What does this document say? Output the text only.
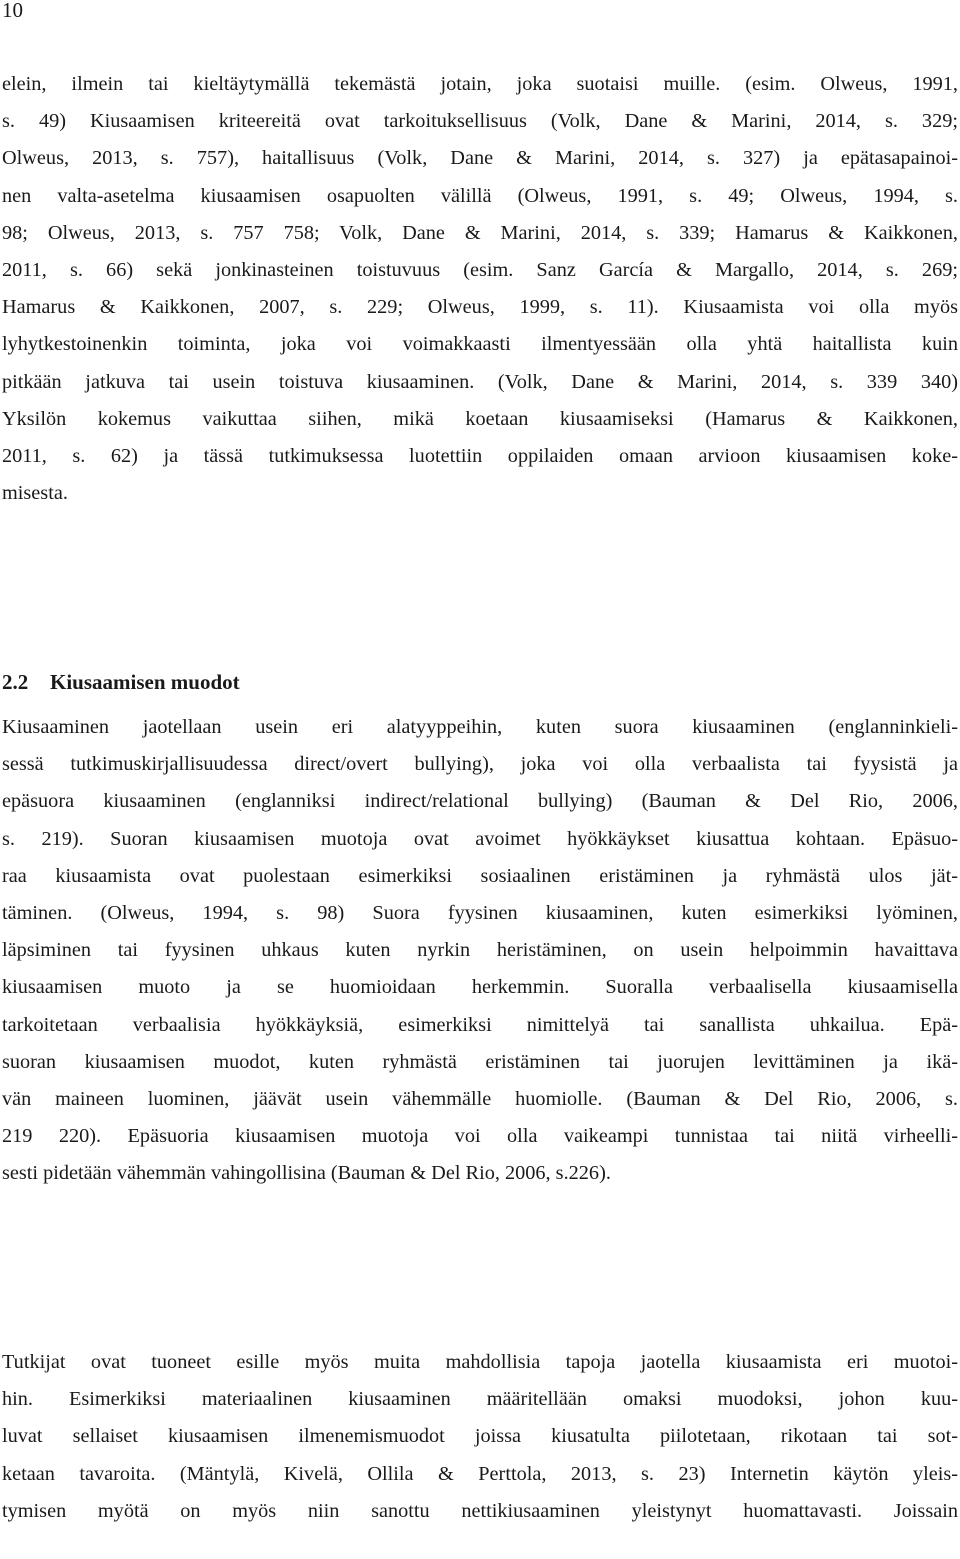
10
elein, ilmein tai kieltäytymällä tekemästä jotain, joka suotaisi muille. (esim. Olweus, 1991,
s. 49) Kiusaamisen kriteereitä ovat tarkoituksellisuus (Volk, Dane & Marini, 2014, s. 329;
Olweus, 2013, s. 757), haitallisuus (Volk, Dane & Marini, 2014, s. 327) ja epätasapainoi-
nen valta-asetelma kiusaamisen osapuolten välillä (Olweus, 1991, s. 49; Olweus, 1994, s.
98; Olweus, 2013, s. 757 758; Volk, Dane & Marini, 2014, s. 339; Hamarus & Kaikkonen,
2011, s. 66) sekä jonkinasteinen toistuvuus (esim. Sanz García & Margallo, 2014, s. 269;
Hamarus & Kaikkonen, 2007, s. 229; Olweus, 1999, s. 11). Kiusaamista voi olla myös
lyhytkestoinenkin toiminta, joka voi voimakkaasti ilmentyessään olla yhtä haitallista kuin
pitkään jatkuva tai usein toistuva kiusaaminen. (Volk, Dane & Marini, 2014, s. 339 340)
Yksilön kokemus vaikuttaa siihen, mikä koetaan kiusaamiseksi (Hamarus & Kaikkonen,
2011, s. 62) ja tässä tutkimuksessa luotettiin oppilaiden omaan arvioon kiusaamisen koke-
misesta.
2.2 Kiusaamisen muodot
Kiusaaminen jaotellaan usein eri alatyyppeihin, kuten suora kiusaaminen (englanninkieli-
sessä tutkimuskirjallisuudessa direct/overt bullying), joka voi olla verbaalista tai fyysistä ja
epäsuora kiusaaminen (englanniksi indirect/relational bullying) (Bauman & Del Rio, 2006,
s. 219). Suoran kiusaamisen muotoja ovat avoimet hyökkäykset kiusattua kohtaan. Epäsuo-
raa kiusaamista ovat puolestaan esimerkiksi sosiaalinen eristäminen ja ryhmästä ulos jät-
täminen. (Olweus, 1994, s. 98) Suora fyysinen kiusaaminen, kuten esimerkiksi lyöminen,
läpsiminen tai fyysinen uhkaus kuten nyrkin heristäminen, on usein helpoimmin havaittava
kiusaamisen muoto ja se huomioidaan herkemmin. Suoralla verbaalisella kiusaamisella
tarkoitetaan verbaalisia hyökkäyksiä, esimerkiksi nimittelyä tai sanallista uhkailua. Epä-
suoran kiusaamisen muodot, kuten ryhmästä eristäminen tai juorujen levittäminen ja ikä-
vän maineen luominen, jäävät usein vähemmälle huomiolle. (Bauman & Del Rio, 2006, s.
219 220). Epäsuoria kiusaamisen muotoja voi olla vaikeampi tunnistaa tai niitä virheelli-
sesti pidetään vähemmän vahingollisina (Bauman & Del Rio, 2006, s.226).
Tutkijat ovat tuoneet esille myös muita mahdollisia tapoja jaotella kiusaamista eri muotoi-
hin. Esimerkiksi materiaalinen kiusaaminen määritellään omaksi muodoksi, johon kuu-
luvat sellaiset kiusaamisen ilmenemismuodot joissa kiusatulta piilotetaan, rikotaan tai sot-
ketaan tavaroita. (Mäntylä, Kivelä, Ollila & Perttola, 2013, s. 23) Internetin käytön yleis-
tymisen myötä on myös niin sanottu nettikiusaaminen yleistynyt huomattavasti. Joissain
